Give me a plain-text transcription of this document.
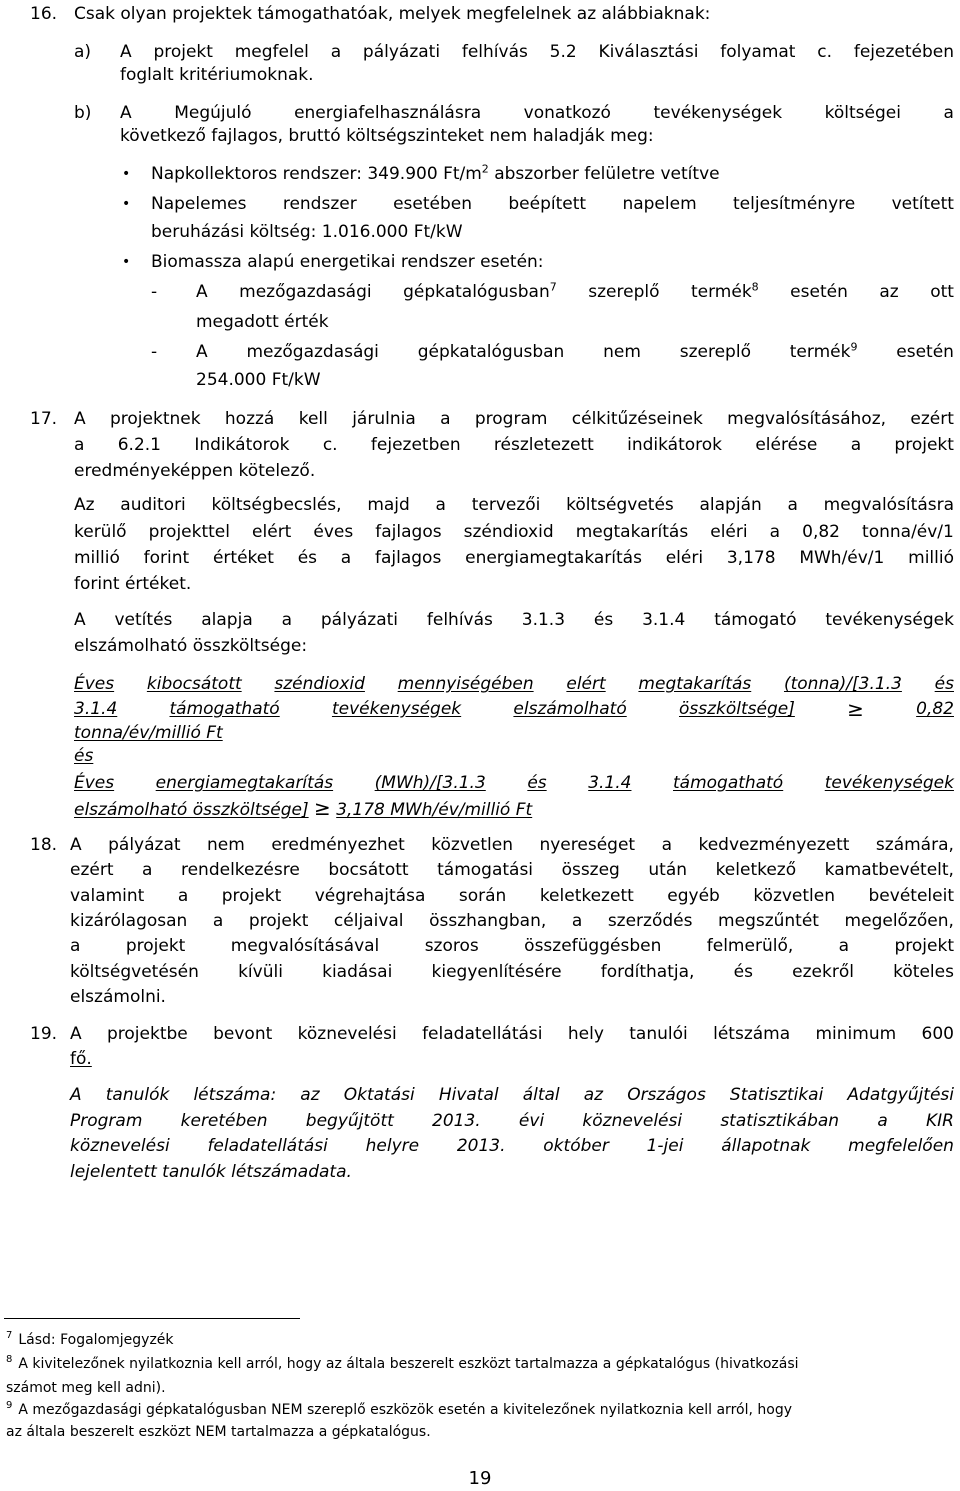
16. Csak olyan projektek támogathatóak, melyek megfelelnek az alábbiaknak:
a) A projekt megfelel a pályázati felhívás 5.2 Kiválasztási folyamat c. fejezetében
foglalt kritériumoknak.
b) A	Megújuló	energiafelhasználásra	vonatkozó	tevékenységek	költségei	a
következő fajlagos, bruttó költségszinteket nem haladják meg:
• Napkollektoros rendszer: 349.900 $Ft/m^2$ abszorber felületre vetítve
• Napelemes rendszer esetében beépített napelem teljesítményre vetített
beruházási költség: 1.016.000 Ft/kW
• Biomassza alapú energetikai rendszer esetén:
- A mezőgazdasági gépkatalógusban$^7$ szereplő termék$^8$ esetén az ott
megadott érték
- A mezőgazdasági gépkatalógusban nem szereplő termék$^9$ esetén
254.000 Ft/kW
17. A projektnek hozzá kell járulnia a program célkitűzéseinek megvalósításához, ezért
a 6.2.1 Indikátorok c. fejezetben részletezett indikátorok elérése a projekt
eredményeképpen kötelező.
Az auditori költségbecslés, majd a tervezői költségvetés alapján a megvalósításra
kerülő projekttel elért éves fajlagos széndioxid megtakarítás eléri a 0,82 tonna/év/1
millió forint értéket és a fajlagos energiamegtakarítás eléri 3,178 MWh/év/1 millió
forint értéket.
A vetítés alapja a pályázati felhívás 3.1.3 és 3.1.4 támogató tevékenységek
elszámolható összköltsége:
Éves kibocsátott széndioxid mennyiségében elért megtakarítás (tonna)/[3.1.3 és
3.1.4	támogatható	tevékenységek	elszámolható	összköltsége]	≥	0,82
tonna/év/millió Ft
és
Éves energiamegtakarítás (MWh)/[3.1.3 és 3.1.4 támogatható tevékenységek
elszámolható összköltsége] ≥ 3,178 MWh/év/millió Ft
18. A pályázat nem eredményezhet közvetlen nyereséget a kedvezményezett számára,
ezért a rendelkezésre bocsátott támogatási összeg után keletkező kamatbevételt,
valamint a projekt végrehajtása során keletkezett egyéb közvetlen bevételeit
kizárólagosan a projekt céljaival összhangban, a szerződés megszűntét megelőzően,
a	projekt	megvalósításával	szoros	összefüggésben	felmerülő,	a	projekt
költségvetésén kívüli kiadásai kiegyenlítésére fordíthatja, és ezekről köteles
elszámolni.
19. A projektbe bevont köznevelési feladatellátási hely tanulói létszáma minimum 600
fő.
A tanulók létszáma: az Oktatási Hivatal által az Országos Statisztikai Adatgyűjtési
Program keretében begyűjtött 2013. évi köznevelési statisztikában a KIR
köznevelési feladatellátási helyre 2013. október 1-jei állapotnak megfelelően
lejelentett tanulók létszámadata.
$^7$ Lásd: Fogalomjegyzék
$^8$ A kivitelezőnek nyilatkoznia kell arról, hogy az általa beszerelt eszközt tartalmazza a gépkatalógus (hivatkozási
számot meg kell adni).
$^9$ A mezőgazdasági gépkatalógusban NEM szereplő eszközök esetén a kivitelezőnek nyilatkoznia kell arról, hogy
az általa beszerelt eszközt NEM tartalmazza a gépkatalógus.
19
